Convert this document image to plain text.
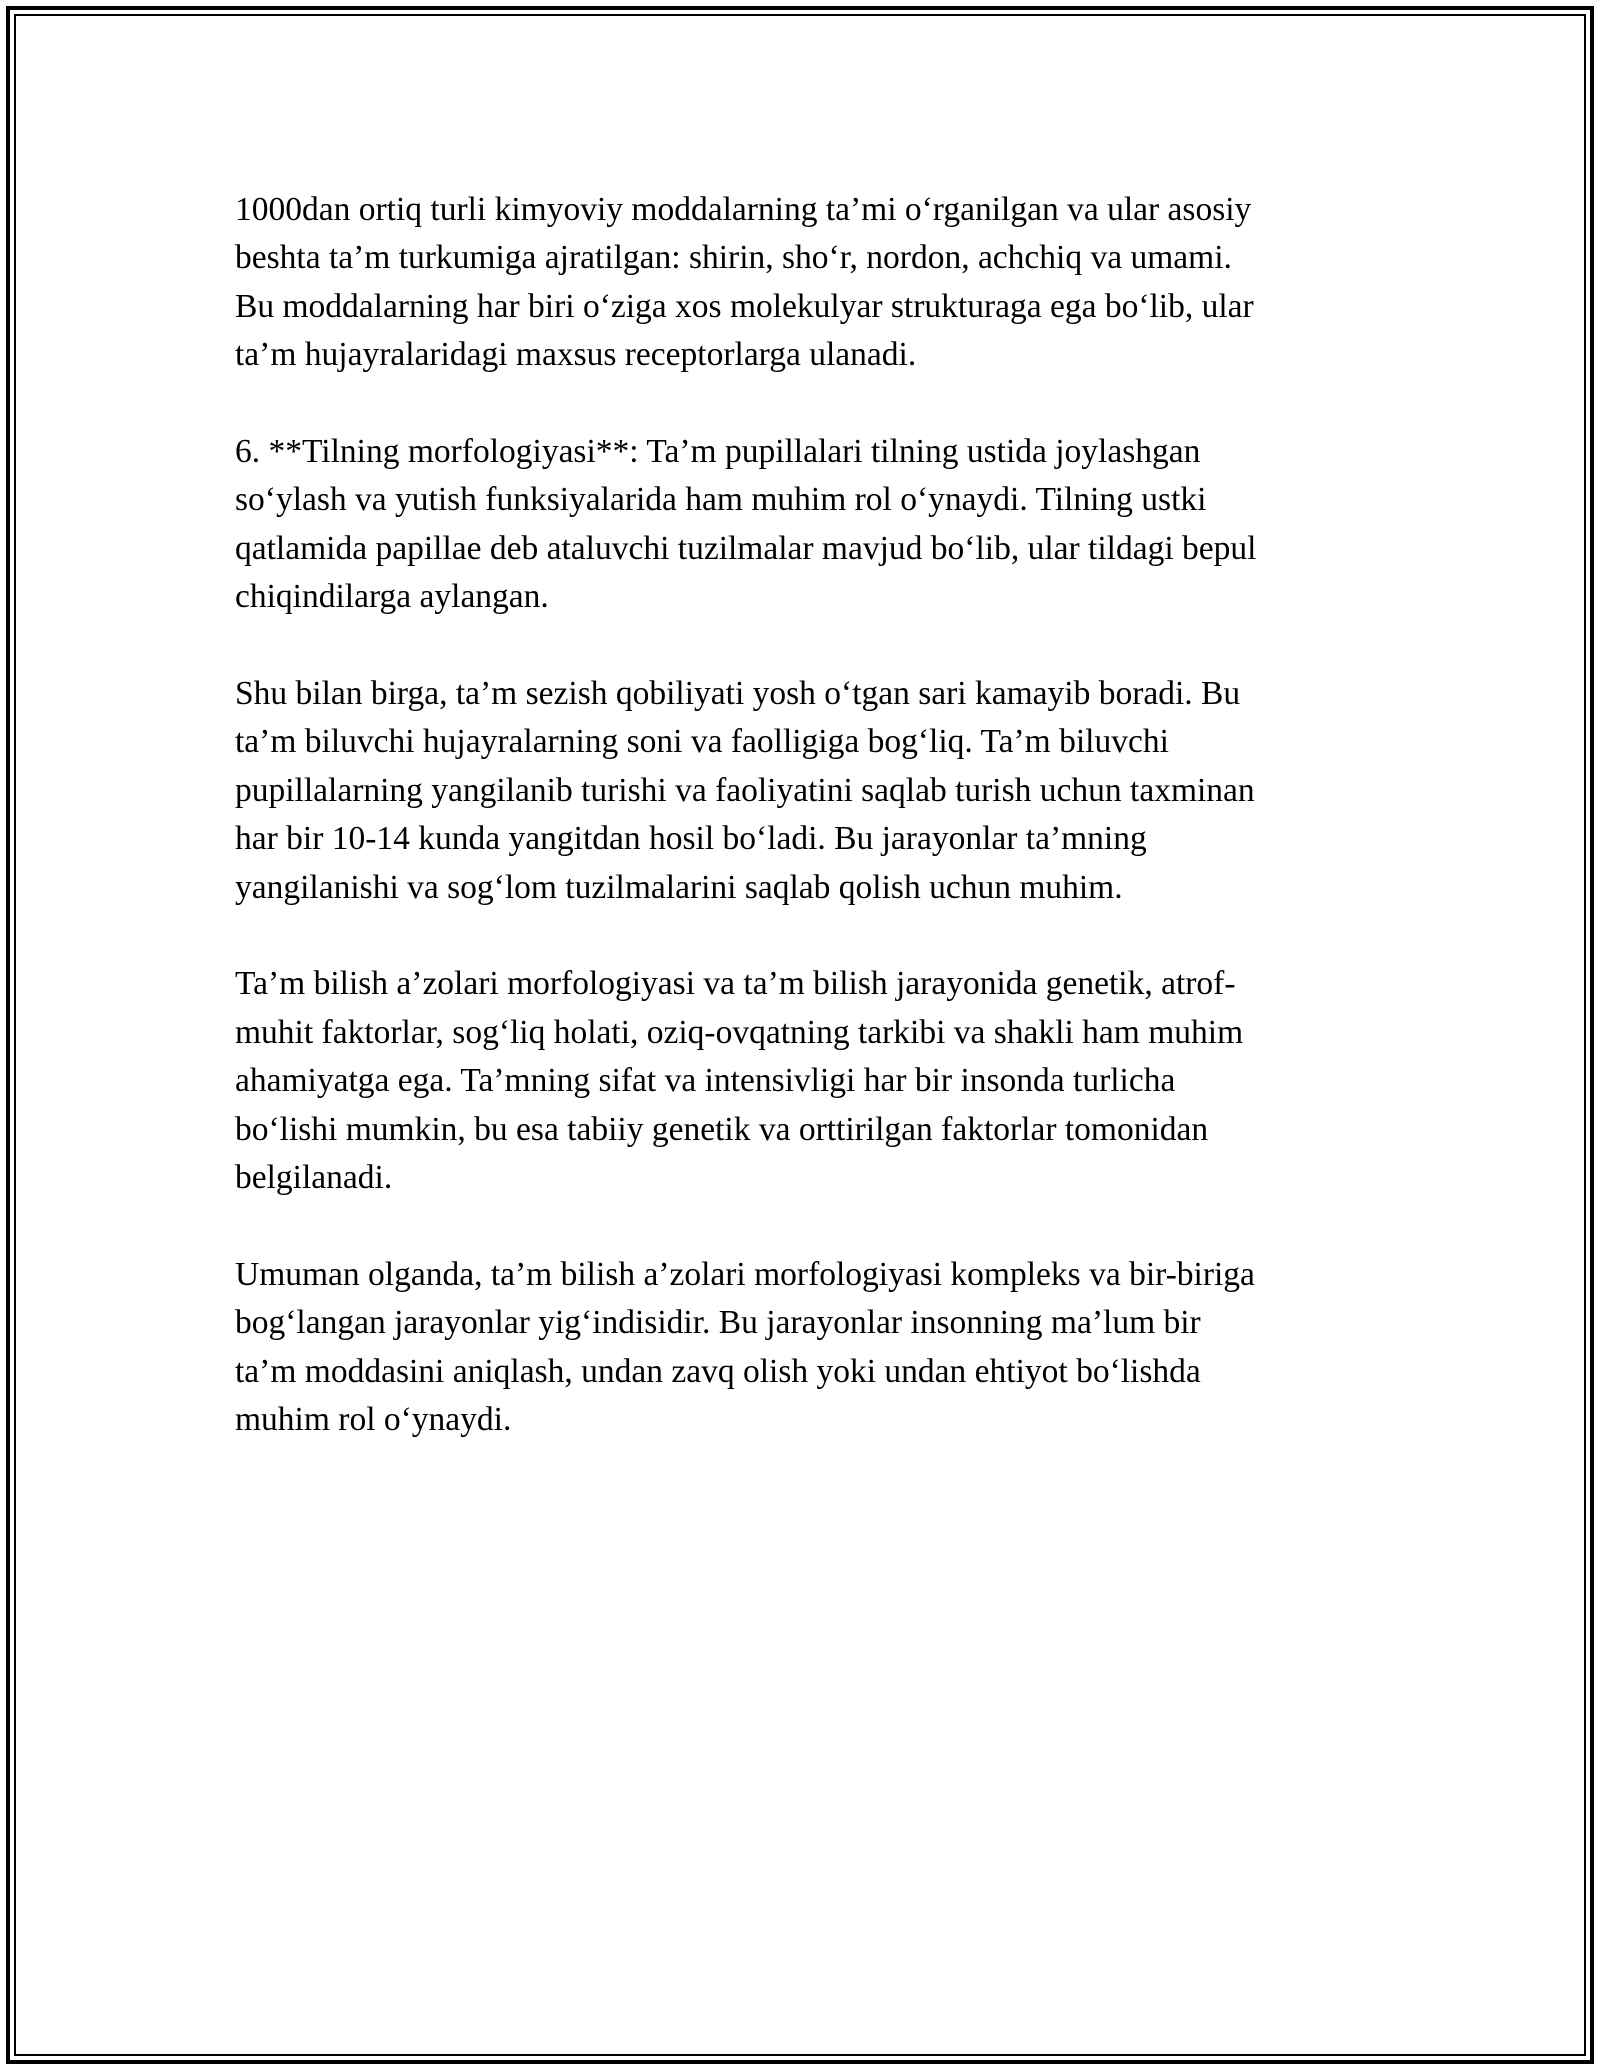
1000dan ortiq turli kimyoviy moddalarning ta’mi o‘rganilgan va ular asosiy
beshta ta’m turkumiga ajratilgan: shirin, sho‘r, nordon, achchiq va umami.
Bu moddalarning har biri o‘ziga xos molekulyar strukturaga ega bo‘lib, ular
ta’m hujayralaridagi maxsus receptorlarga ulanadi.

6. **Tilning morfologiyasi**: Ta’m pupillalari tilning ustida joylashgan
so‘ylash va yutish funksiyalarida ham muhim rol o‘ynaydi. Tilning ustki
qatlamida papillae deb ataluvchi tuzilmalar mavjud bo‘lib, ular tildagi bepul
chiqindilarga aylangan.

Shu bilan birga, ta’m sezish qobiliyati yosh o‘tgan sari kamayib boradi. Bu
ta’m biluvchi hujayralarning soni va faolligiga bog‘liq. Ta’m biluvchi
pupillalarning yangilanib turishi va faoliyatini saqlab turish uchun taxminan
har bir 10-14 kunda yangitdan hosil bo‘ladi. Bu jarayonlar ta’mning
yangilanishi va sog‘lom tuzilmalarini saqlab qolish uchun muhim.

Ta’m bilish a’zolari morfologiyasi va ta’m bilish jarayonida genetik, atrof-
muhit faktorlar, sog‘liq holati, oziq-ovqatning tarkibi va shakli ham muhim
ahamiyatga ega. Ta’mning sifat va intensivligi har bir insonda turlicha
bo‘lishi mumkin, bu esa tabiiy genetik va orttirilgan faktorlar tomonidan
belgilanadi.

Umuman olganda, ta’m bilish a’zolari morfologiyasi kompleks va bir-biriga
bog‘langan jarayonlar yig‘indisidir. Bu jarayonlar insonning ma’lum bir
ta’m moddasini aniqlash, undan zavq olish yoki undan ehtiyot bo‘lishda
muhim rol o‘ynaydi.
